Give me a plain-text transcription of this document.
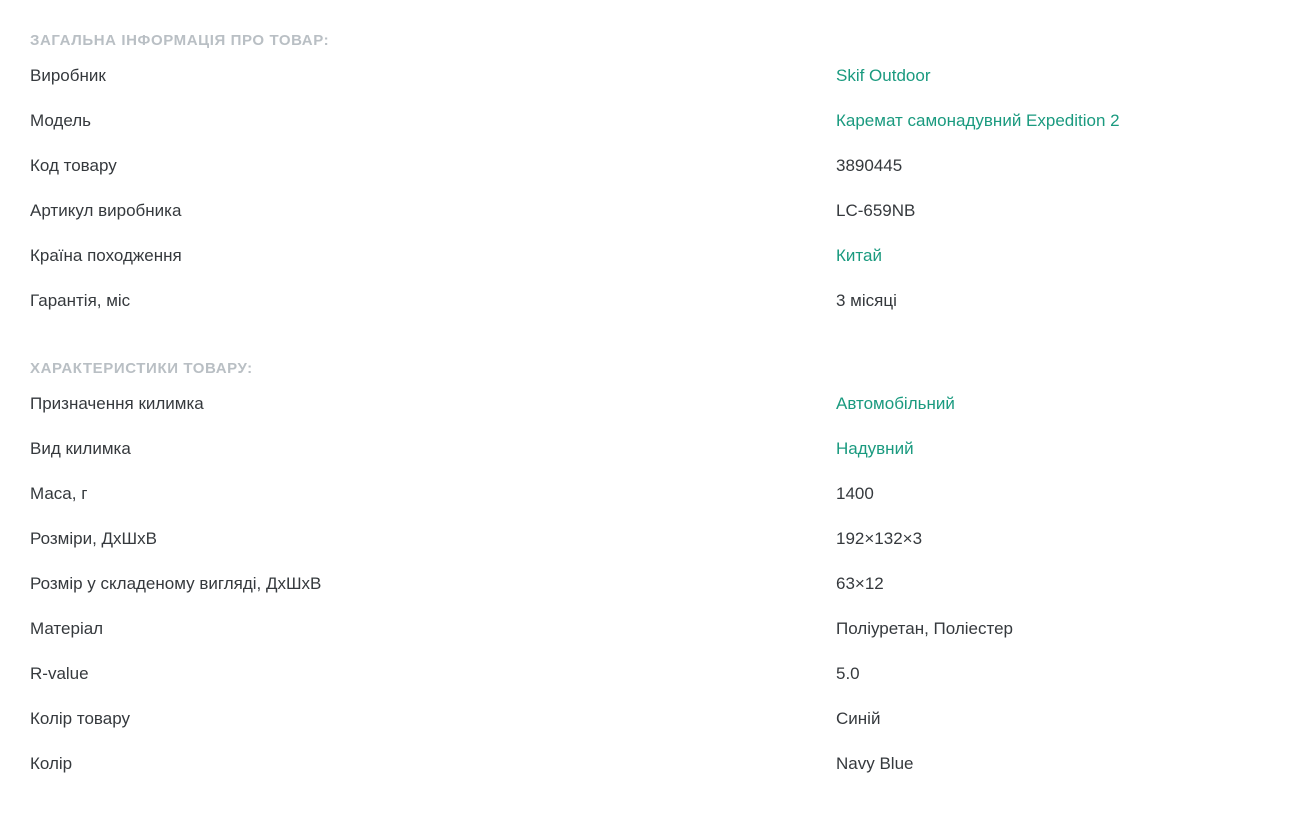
ЗАГАЛЬНА ІНФОРМАЦІЯ ПРО ТОВАР:
Виробник	Skif Outdoor
Модель	Каремат самонадувний Expedition 2
Код товару	3890445
Артикул виробника	LC-659NB
Країна походження	Китай
Гарантія, міс	3 місяці
ХАРАКТЕРИСТИКИ ТОВАРУ:
Призначення килимка	Автомобільний
Вид килимка	Надувний
Маса, г	1400
Розміри, ДхШхВ	192×132×3
Розмір у складеному вигляді, ДхШхВ	63×12
Матеріал	Поліуретан, Поліестер
R-value	5.0
Колір товару	Синій
Колір	Navy Blue
